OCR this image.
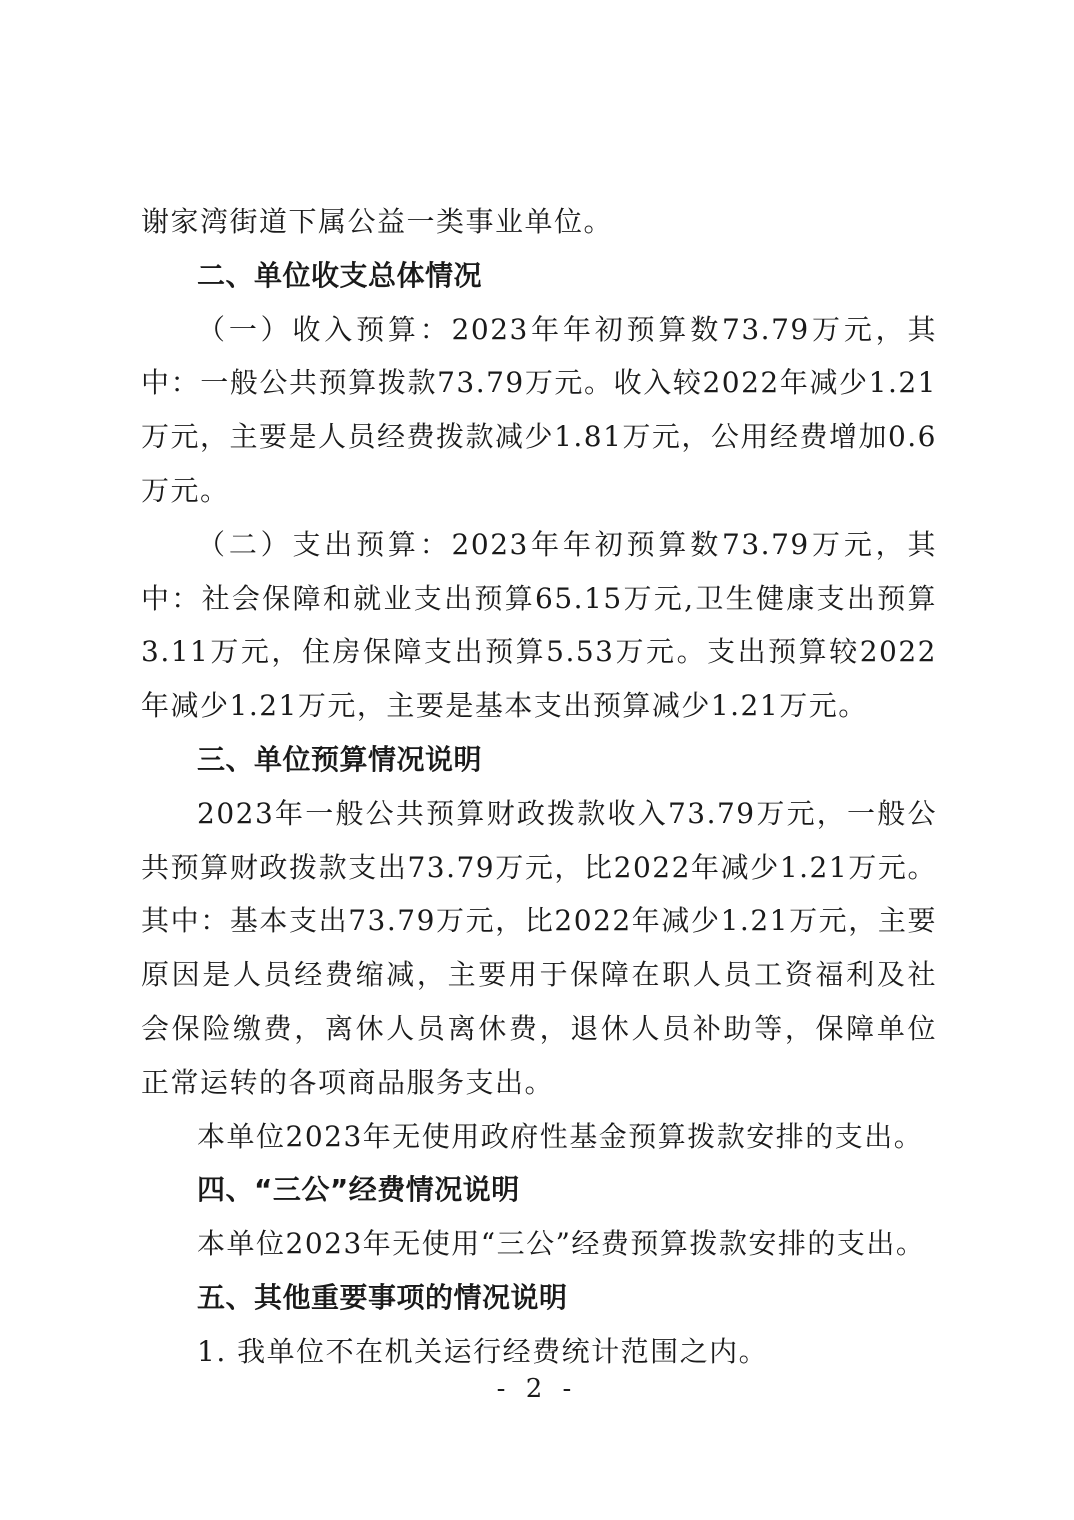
谢家湾街道下属公益一类事业单位。

二、单位收支总体情况

（一）收入预算：2023年年初预算数73.79万元，其中：一般公共预算拨款73.79万元。收入较2022年减少1.21万元，主要是人员经费拨款减少1.81万元，公用经费增加0.6万元。

（二）支出预算：2023年年初预算数73.79万元，其中：社会保障和就业支出预算65.15万元,卫生健康支出预算3.11万元，住房保障支出预算5.53万元。支出预算较2022年减少1.21万元，主要是基本支出预算减少1.21万元。

三、单位预算情况说明

2023年一般公共预算财政拨款收入73.79万元，一般公共预算财政拨款支出73.79万元，比2022年减少1.21万元。其中：基本支出73.79万元，比2022年减少1.21万元，主要原因是人员经费缩减，主要用于保障在职人员工资福利及社会保险缴费，离休人员离休费，退休人员补助等，保障单位正常运转的各项商品服务支出。

本单位2023年无使用政府性基金预算拨款安排的支出。

四、“三公”经费情况说明

本单位2023年无使用“三公”经费预算拨款安排的支出。

五、其他重要事项的情况说明

1. 我单位不在机关运行经费统计范围之内。

- 2 -
